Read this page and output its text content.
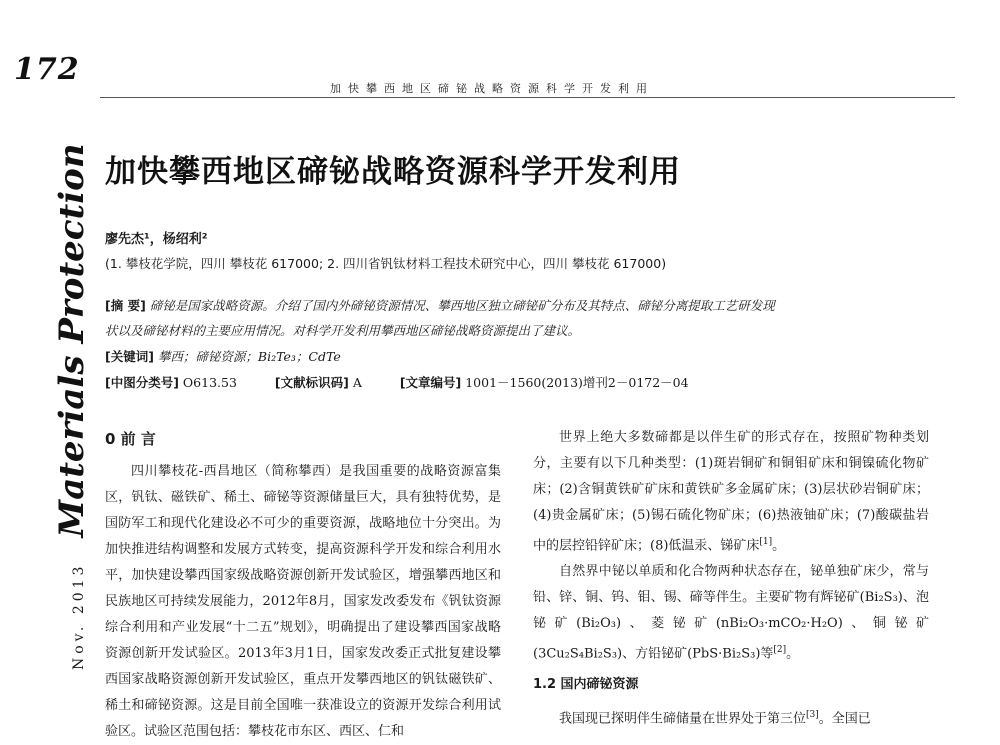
172
加快攀西地区碲铋战略资源科学开发利用
Nov. 2013 Materials Protection 加快攀西地区碲铋战略资源科学开发利用
廖先杰¹，杨绍利²
(1. 攀枝花学院，四川 攀枝花 617000; 2. 四川省钒钛材料工程技术研究中心，四川 攀枝花 617000)
[摘 要] 碲铋是国家战略资源。介绍了国内外碲铋资源情况、攀西地区独立碲铋矿分布及其特点、碲铋分离提取工艺研发现
状以及碲铋材料的主要应用情况。对科学开发利用攀西地区碲铋战略资源提出了建议。
[关键词] 攀西；碲铋资源；Bi₂Te₃；CdTe
[中图分类号] O613.53	[文献标识码] A	[文章编号] 1001－1560(2013)增刊2－0172－04
0 前 言

四川攀枝花-西昌地区（简称攀西）是我国重要的战略资源富集区，钒钛、磁铁矿、稀土、碲铋等资源储量巨大，具有独特优势，是国防军工和现代化建设必不可少的重要资源，战略地位十分突出。为加快推进结构调整和发展方式转变，提高资源科学开发和综合利用水平，加快建设攀西国家级战略资源创新开发试验区，增强攀西地区和民族地区可持续发展能力，2012年8月，国家发改委发布《钒钛资源综合利用和产业发展“十二五”规划》，明确提出了建设攀西国家战略资源创新开发试验区。2013年3月1日，国家发改委正式批复建设攀西国家战略资源创新开发试验区，重点开发攀西地区的钒钛磁铁矿、稀土和碲铋资源。这是目前全国唯一获准设立的资源开发综合利用试验区。试验区范围包括：攀枝花市东区、西区、仁和

世界上绝大多数碲都是以伴生矿的形式存在，按照矿物种类划分，主要有以下几种类型：(1)斑岩铜矿和铜钼矿床和铜镍硫化物矿床；(2)含铜黄铁矿矿床和黄铁矿多金属矿床；(3)层状砂岩铜矿床；(4)贵金属矿床；(5)锡石硫化物矿床；(6)热液铀矿床；(7)酸碳盐岩中的层控铅锌矿床；(8)低温汞、锑矿床[1]。

自然界中铋以单质和化合物两种状态存在，铋单独矿床少，常与铅、锌、铜、钨、钼、锡、碲等伴生。主要矿物有辉铋矿(Bi₂S₃)、泡铋矿(Bi₂O₃)、菱铋矿(nBi₂O₃·mCO₂·H₂O)、铜铋矿(3Cu₂S₄Bi₂S₃)、方铅铋矿(PbS·Bi₂S₃)等[2]。

1.2 国内碲铋资源

我国现已探明伴生碲储量在世界处于第三位[3]。全国已
